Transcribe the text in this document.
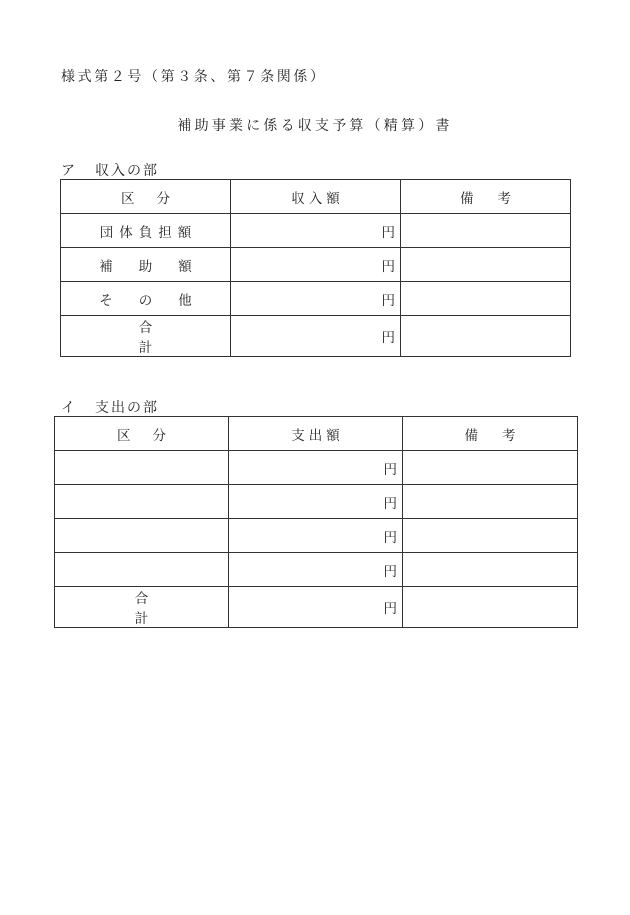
様式第２号（第３条、第７条関係）
補助事業に係る収支予算（精算）書
ア 収入の部
区分	収入額	備考
団体負担額	円	
補助額	円	
その他	円	
合計	円	
イ 支出の部
区分	支出額	備考
	円	
	円	
	円	
	円	
合計	円	
